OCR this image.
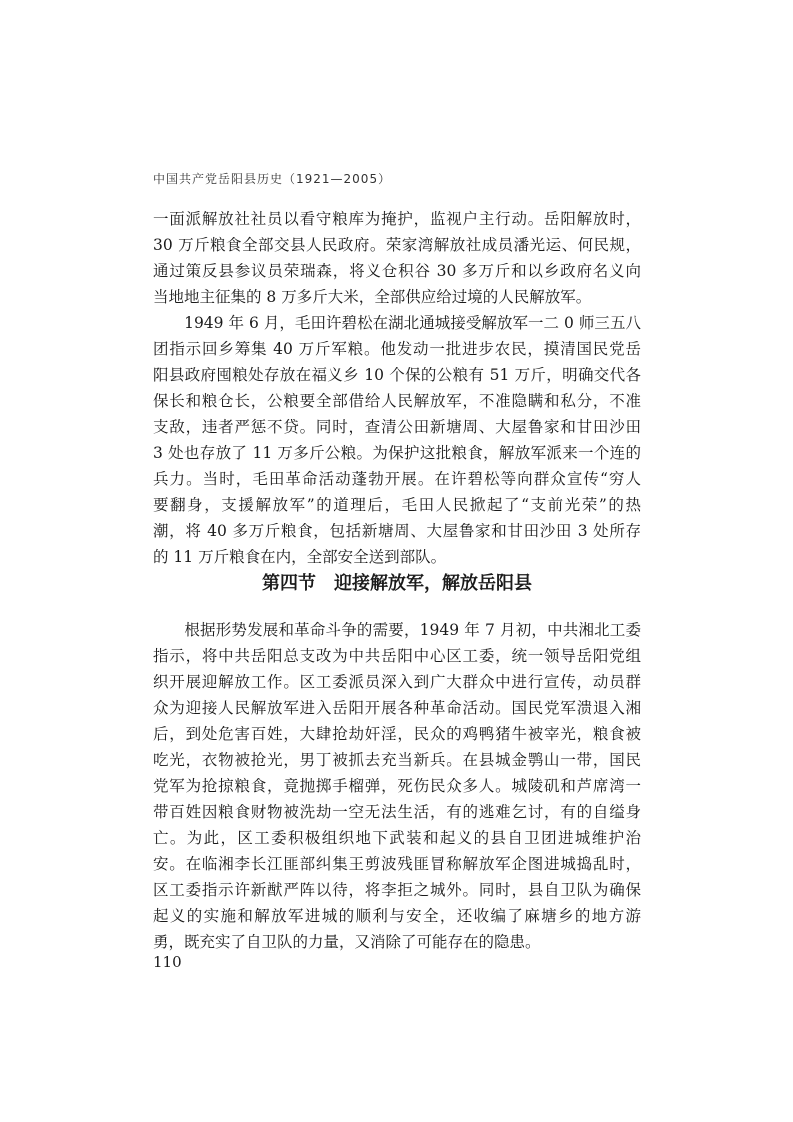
中国共产党岳阳县历史（1921—2005）
一面派解放社社员以看守粮库为掩护，监视户主行动。岳阳解放时，
30 万斤粮食全部交县人民政府。荣家湾解放社成员潘光运、何民规，
通过策反县参议员荣瑞森，将义仓积谷 30 多万斤和以乡政府名义向
当地地主征集的 8 万多斤大米，全部供应给过境的人民解放军。
　　1949 年 6 月，毛田许碧松在湖北通城接受解放军一二 0 师三五八
团指示回乡筹集 40 万斤军粮。他发动一批进步农民，摸清国民党岳
阳县政府囤粮处存放在福义乡 10 个保的公粮有 51 万斤，明确交代各
保长和粮仓长，公粮要全部借给人民解放军，不准隐瞒和私分，不准
支敌，违者严惩不贷。同时，查清公田新塘周、大屋鲁家和甘田沙田
3 处也存放了 11 万多斤公粮。为保护这批粮食，解放军派来一个连的
兵力。当时，毛田革命活动蓬勃开展。在许碧松等向群众宣传“穷人
要翻身，支援解放军”的道理后，毛田人民掀起了“支前光荣”的热
潮，将 40 多万斤粮食，包括新塘周、大屋鲁家和甘田沙田 3 处所存
的 11 万斤粮食在内，全部安全送到部队。
第四节　迎接解放军，解放岳阳县
　　根据形势发展和革命斗争的需要，1949 年 7 月初，中共湘北工委
指示，将中共岳阳总支改为中共岳阳中心区工委，统一领导岳阳党组
织开展迎解放工作。区工委派员深入到广大群众中进行宣传，动员群
众为迎接人民解放军进入岳阳开展各种革命活动。国民党军溃退入湘
后，到处危害百姓，大肆抢劫奸淫，民众的鸡鸭猪牛被宰光，粮食被
吃光，衣物被抢光，男丁被抓去充当新兵。在县城金鹗山一带，国民
党军为抢掠粮食，竟抛掷手榴弹，死伤民众多人。城陵矶和芦席湾一
带百姓因粮食财物被洗劫一空无法生活，有的逃难乞讨，有的自缢身
亡。为此，区工委积极组织地下武装和起义的县自卫团进城维护治
安。在临湘李长江匪部纠集王剪波残匪冒称解放军企图进城捣乱时，
区工委指示许新猷严阵以待，将李拒之城外。同时，县自卫队为确保
起义的实施和解放军进城的顺利与安全，还收编了麻塘乡的地方游
勇，既充实了自卫队的力量，又消除了可能存在的隐患。
110
